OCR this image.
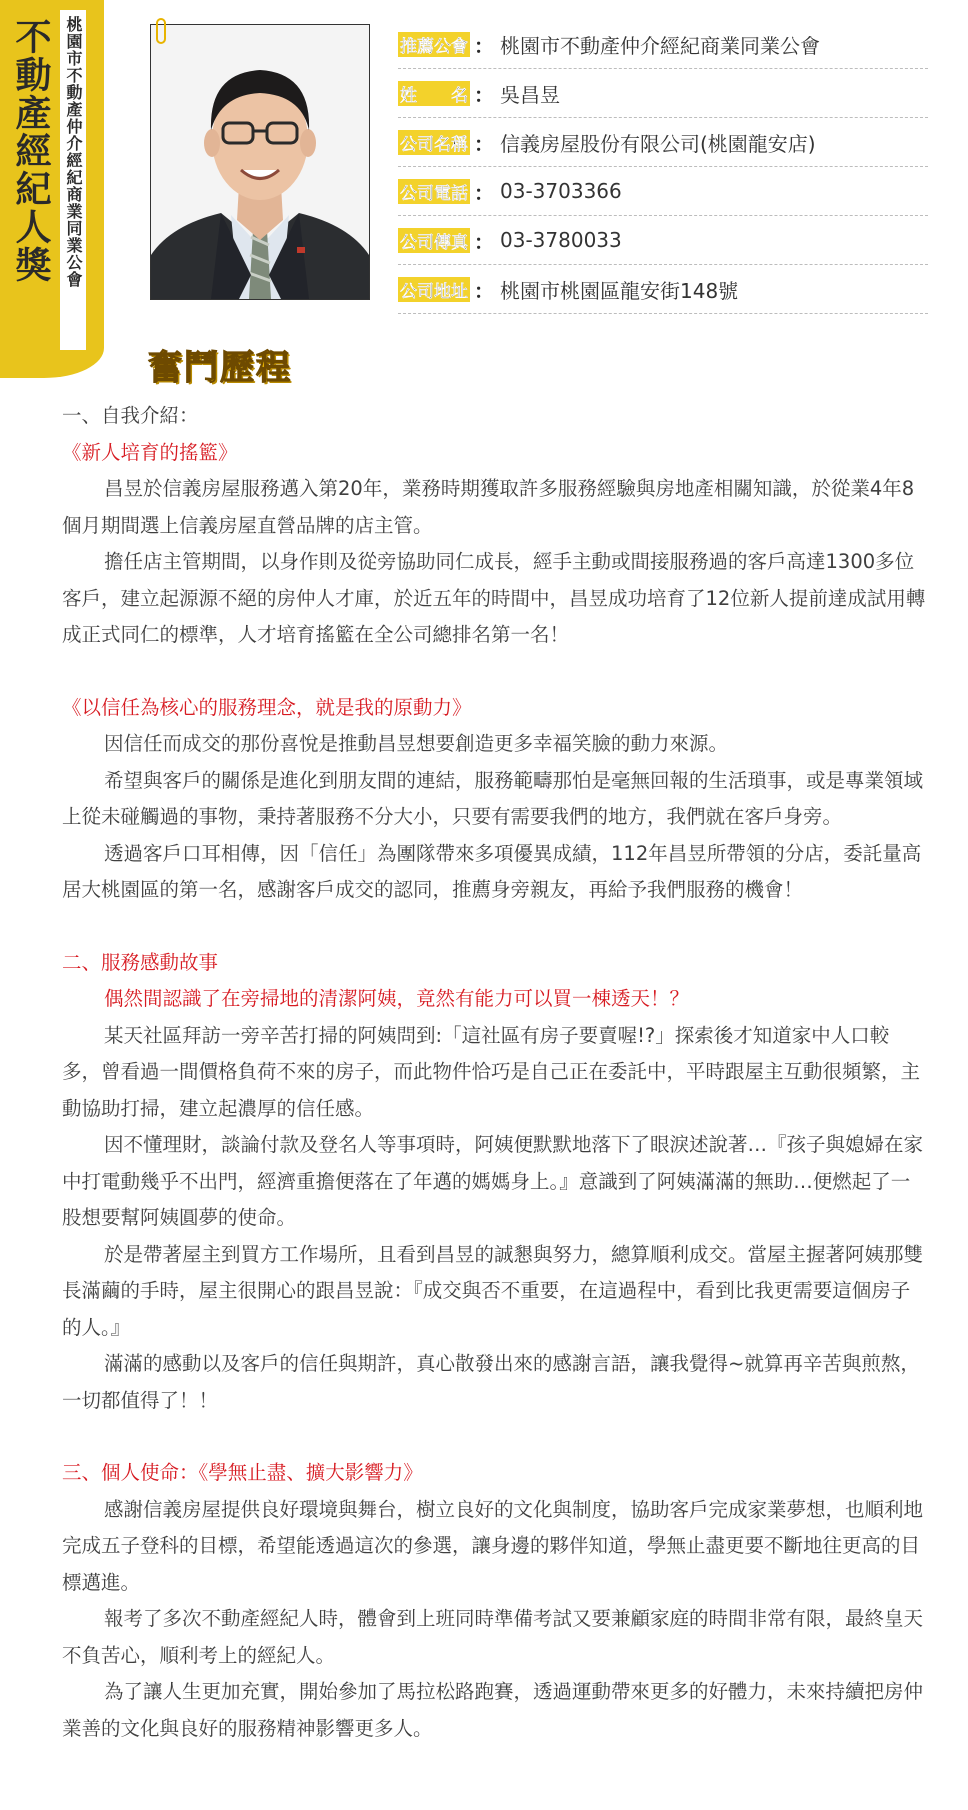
不動產經紀人獎 桃園市不動產仲介經紀商業同業公會	推薦公會 ： 桃園市不動產仲介經紀商業同業公會
姓　　名 ： 吳昌昱
公司名稱 ： 信義房屋股份有限公司(桃園龍安店)
公司電話 ： 03-3703366
公司傳真 ： 03-3780033
公司地址 ： 桃園市桃園區龍安街148號
奮鬥歷程

一、自我介紹：

《新人培育的搖籃》

昌昱於信義房屋服務邁入第20年，業務時期獲取許多服務經驗與房地產相關知識，於從業4年8個月期間選上信義房屋直營品牌的店主管。

擔任店主管期間，以身作則及從旁協助同仁成長，經手主動或間接服務過的客戶高達1300多位客戶，建立起源源不絕的房仲人才庫，於近五年的時間中，昌昱成功培育了12位新人提前達成試用轉成正式同仁的標準，人才培育搖籃在全公司總排名第一名！

《以信任為核心的服務理念，就是我的原動力》

因信任而成交的那份喜悅是推動昌昱想要創造更多幸福笑臉的動力來源。

希望與客戶的關係是進化到朋友間的連結，服務範疇那怕是毫無回報的生活瑣事，或是專業領域上從未碰觸過的事物，秉持著服務不分大小，只要有需要我們的地方，我們就在客戶身旁。

透過客戶口耳相傳，因「信任」為團隊帶來多項優異成績，112年昌昱所帶領的分店，委託量高居大桃園區的第一名，感謝客戶成交的認同，推薦身旁親友，再給予我們服務的機會！

二、服務感動故事

偶然間認識了在旁掃地的清潔阿姨，竟然有能力可以買一棟透天！？

某天社區拜訪一旁辛苦打掃的阿姨問到:「這社區有房子要賣喔!?」探索後才知道家中人口較多，曾看過一間價格負荷不來的房子，而此物件恰巧是自己正在委託中，平時跟屋主互動很頻繁，主動協助打掃，建立起濃厚的信任感。

因不懂理財，談論付款及登名人等事項時，阿姨便默默地落下了眼淚述說著…『孩子與媳婦在家中打電動幾乎不出門，經濟重擔便落在了年邁的媽媽身上。』意識到了阿姨滿滿的無助…便燃起了一股想要幫阿姨圓夢的使命。

於是帶著屋主到買方工作場所，且看到昌昱的誠懇與努力，總算順利成交。當屋主握著阿姨那雙長滿繭的手時，屋主很開心的跟昌昱說：『成交與否不重要，在這過程中，看到比我更需要這個房子的人。』

滿滿的感動以及客戶的信任與期許，真心散發出來的感謝言語，讓我覺得~就算再辛苦與煎熬，一切都值得了！！

三、個人使命：《學無止盡、擴大影響力》

感謝信義房屋提供良好環境與舞台，樹立良好的文化與制度，協助客戶完成家業夢想，也順利地完成五子登科的目標，希望能透過這次的參選，讓身邊的夥伴知道，學無止盡更要不斷地往更高的目標邁進。

報考了多次不動產經紀人時，體會到上班同時準備考試又要兼顧家庭的時間非常有限，最終皇天不負苦心，順利考上的經紀人。

為了讓人生更加充實，開始參加了馬拉松路跑賽，透過運動帶來更多的好體力，未來持續把房仲業善的文化與良好的服務精神影響更多人。
